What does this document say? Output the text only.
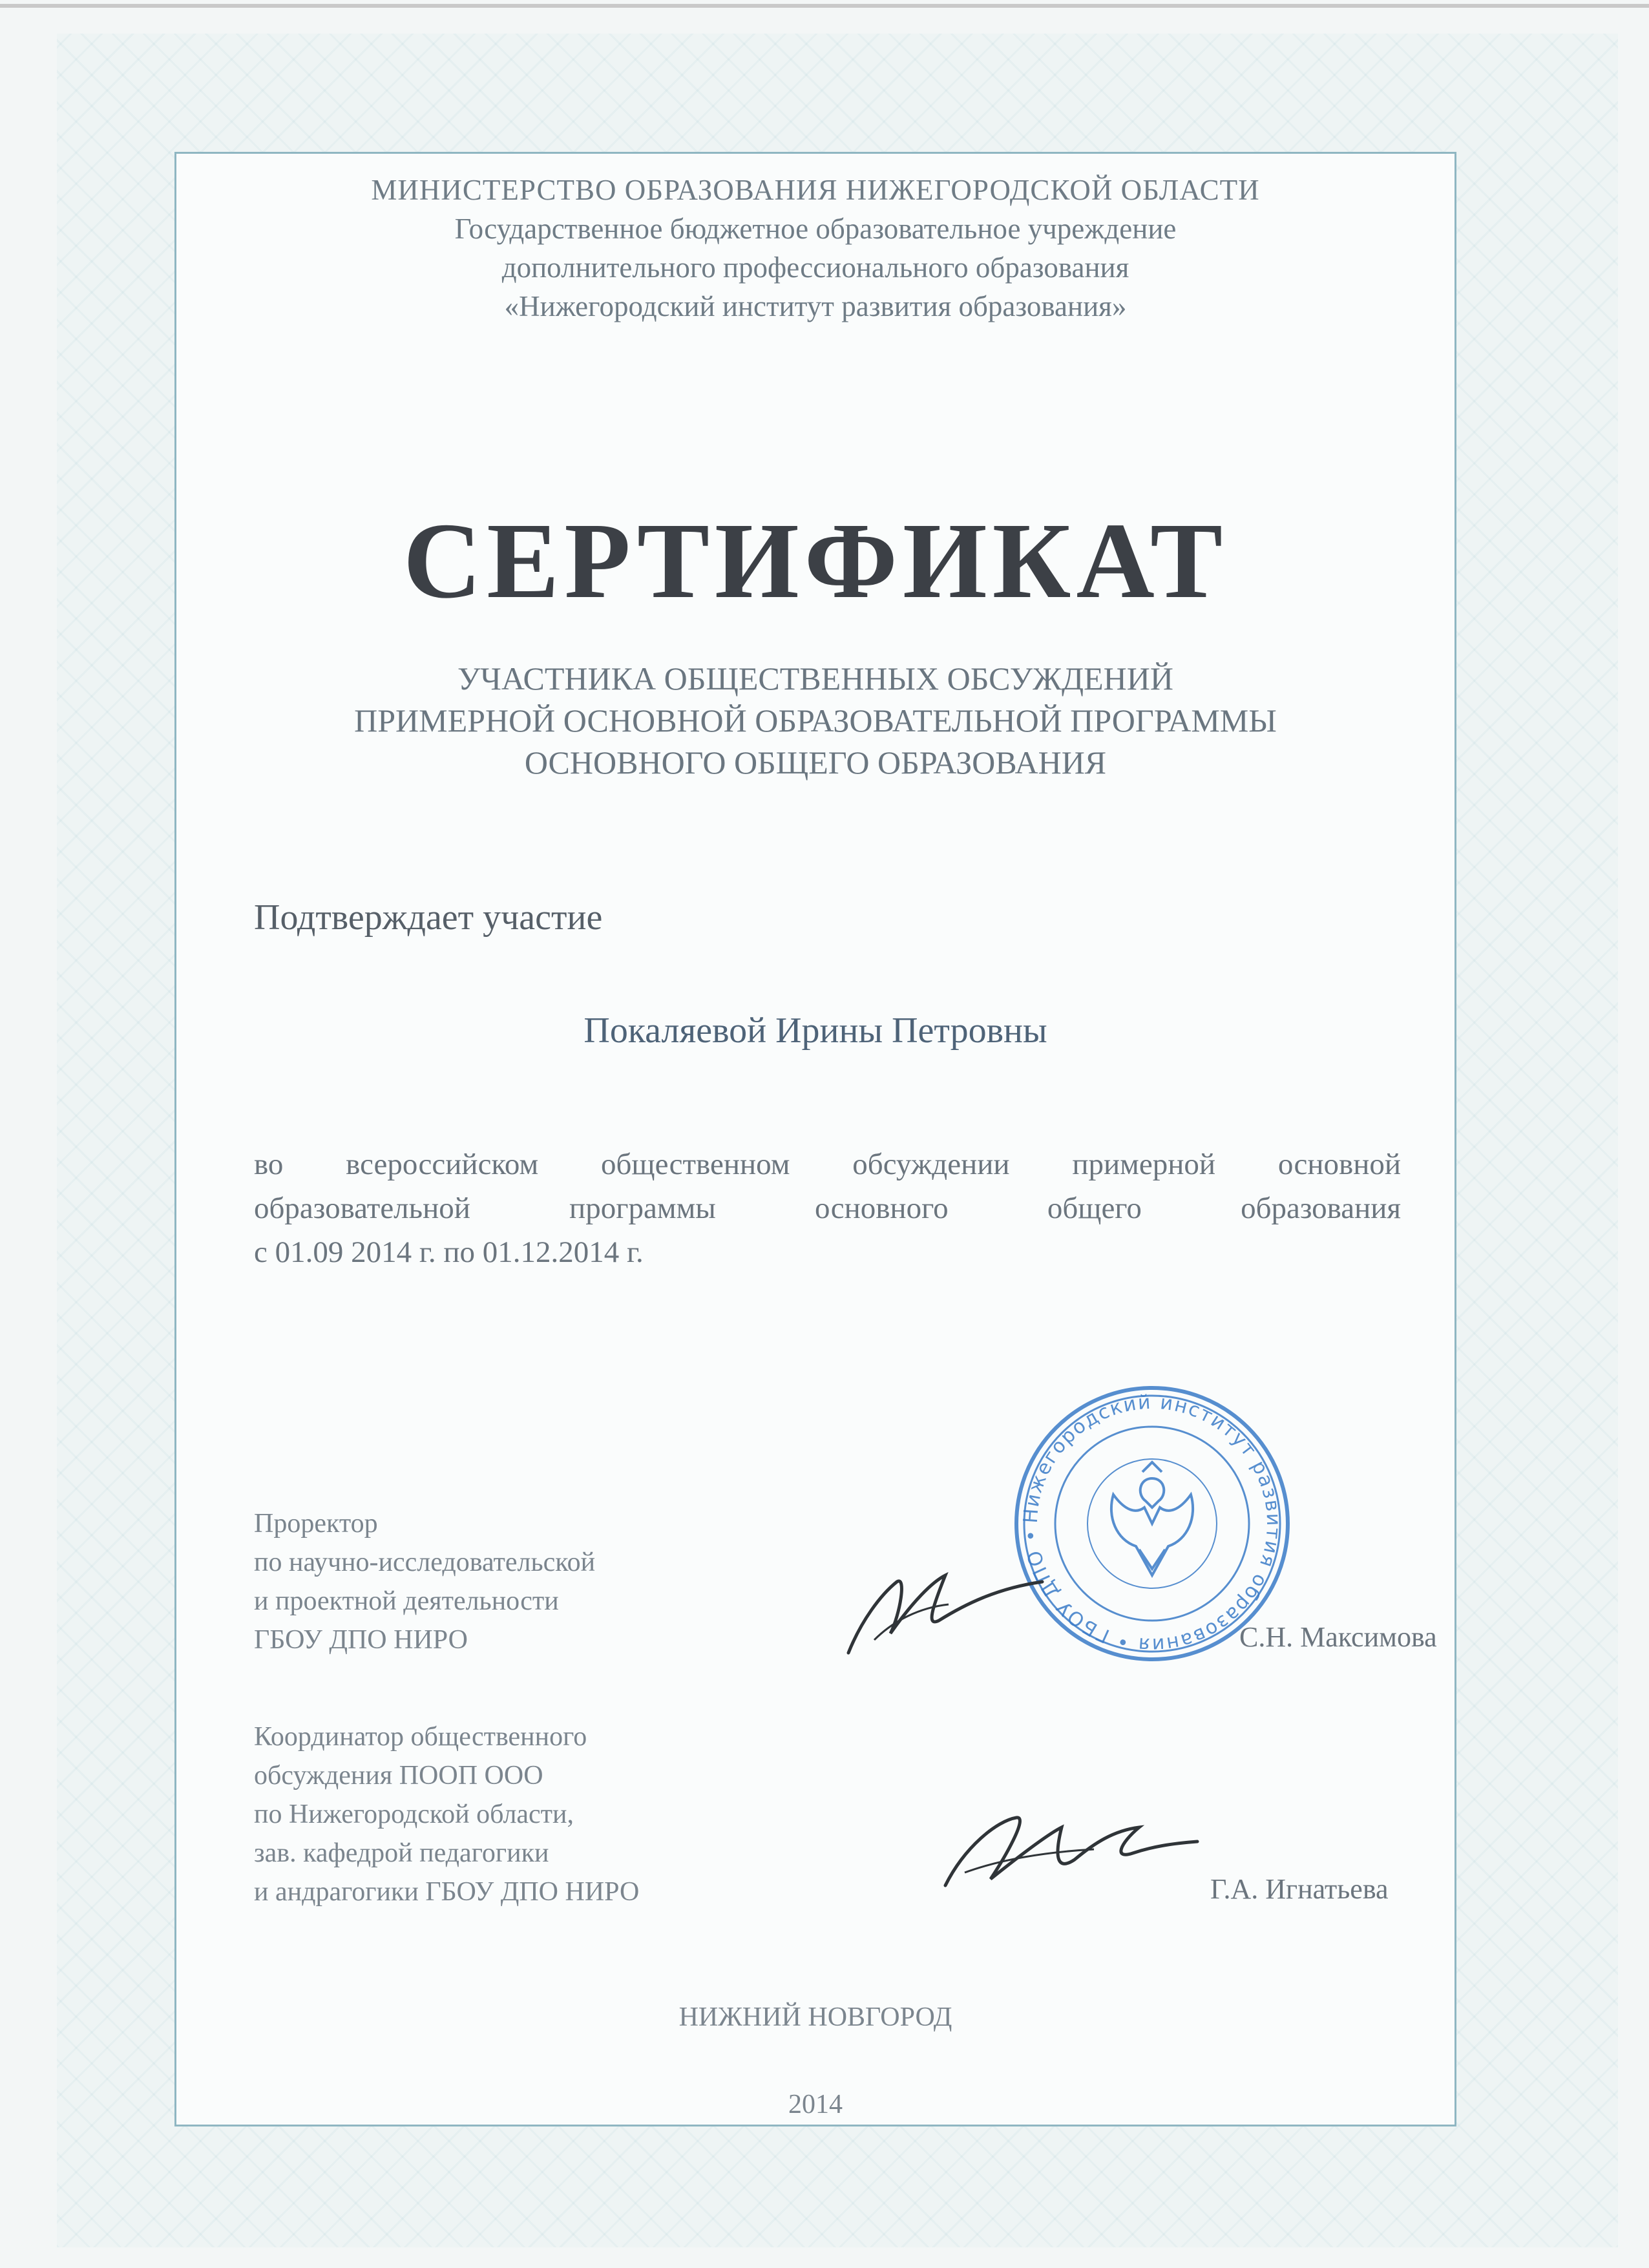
МИНИСТЕРСТВО ОБРАЗОВАНИЯ НИЖЕГОРОДСКОЙ ОБЛАСТИ
Государственное бюджетное образовательное учреждение
дополнительного профессионального образования
«Нижегородский институт развития образования»
СЕРТИФИКАТ
УЧАСТНИКА ОБЩЕСТВЕННЫХ ОБСУЖДЕНИЙ
ПРИМЕРНОЙ ОСНОВНОЙ ОБРАЗОВАТЕЛЬНОЙ ПРОГРАММЫ
ОСНОВНОГО ОБЩЕГО ОБРАЗОВАНИЯ
Подтверждает участие
Покаляевой Ирины Петровны
во всероссийском общественном обсуждении примерной основной
образовательной программы основного общего образования
с 01.09 2014 г. по 01.12.2014 г.
Проректор
по научно-исследовательской
и проектной деятельности
ГБОУ ДПО НИРО
Координатор общественного
обсуждения ПООП ООО
по Нижегородской области,
зав. кафедрой педагогики
и андрагогики ГБОУ ДПО НИРО
С.Н. Максимова
Г.А. Игнатьева
Нижегородский институт развития образования • ГБОУ ДПО • ОГРН •
НИЖНИЙ НОВГОРОД
2014
